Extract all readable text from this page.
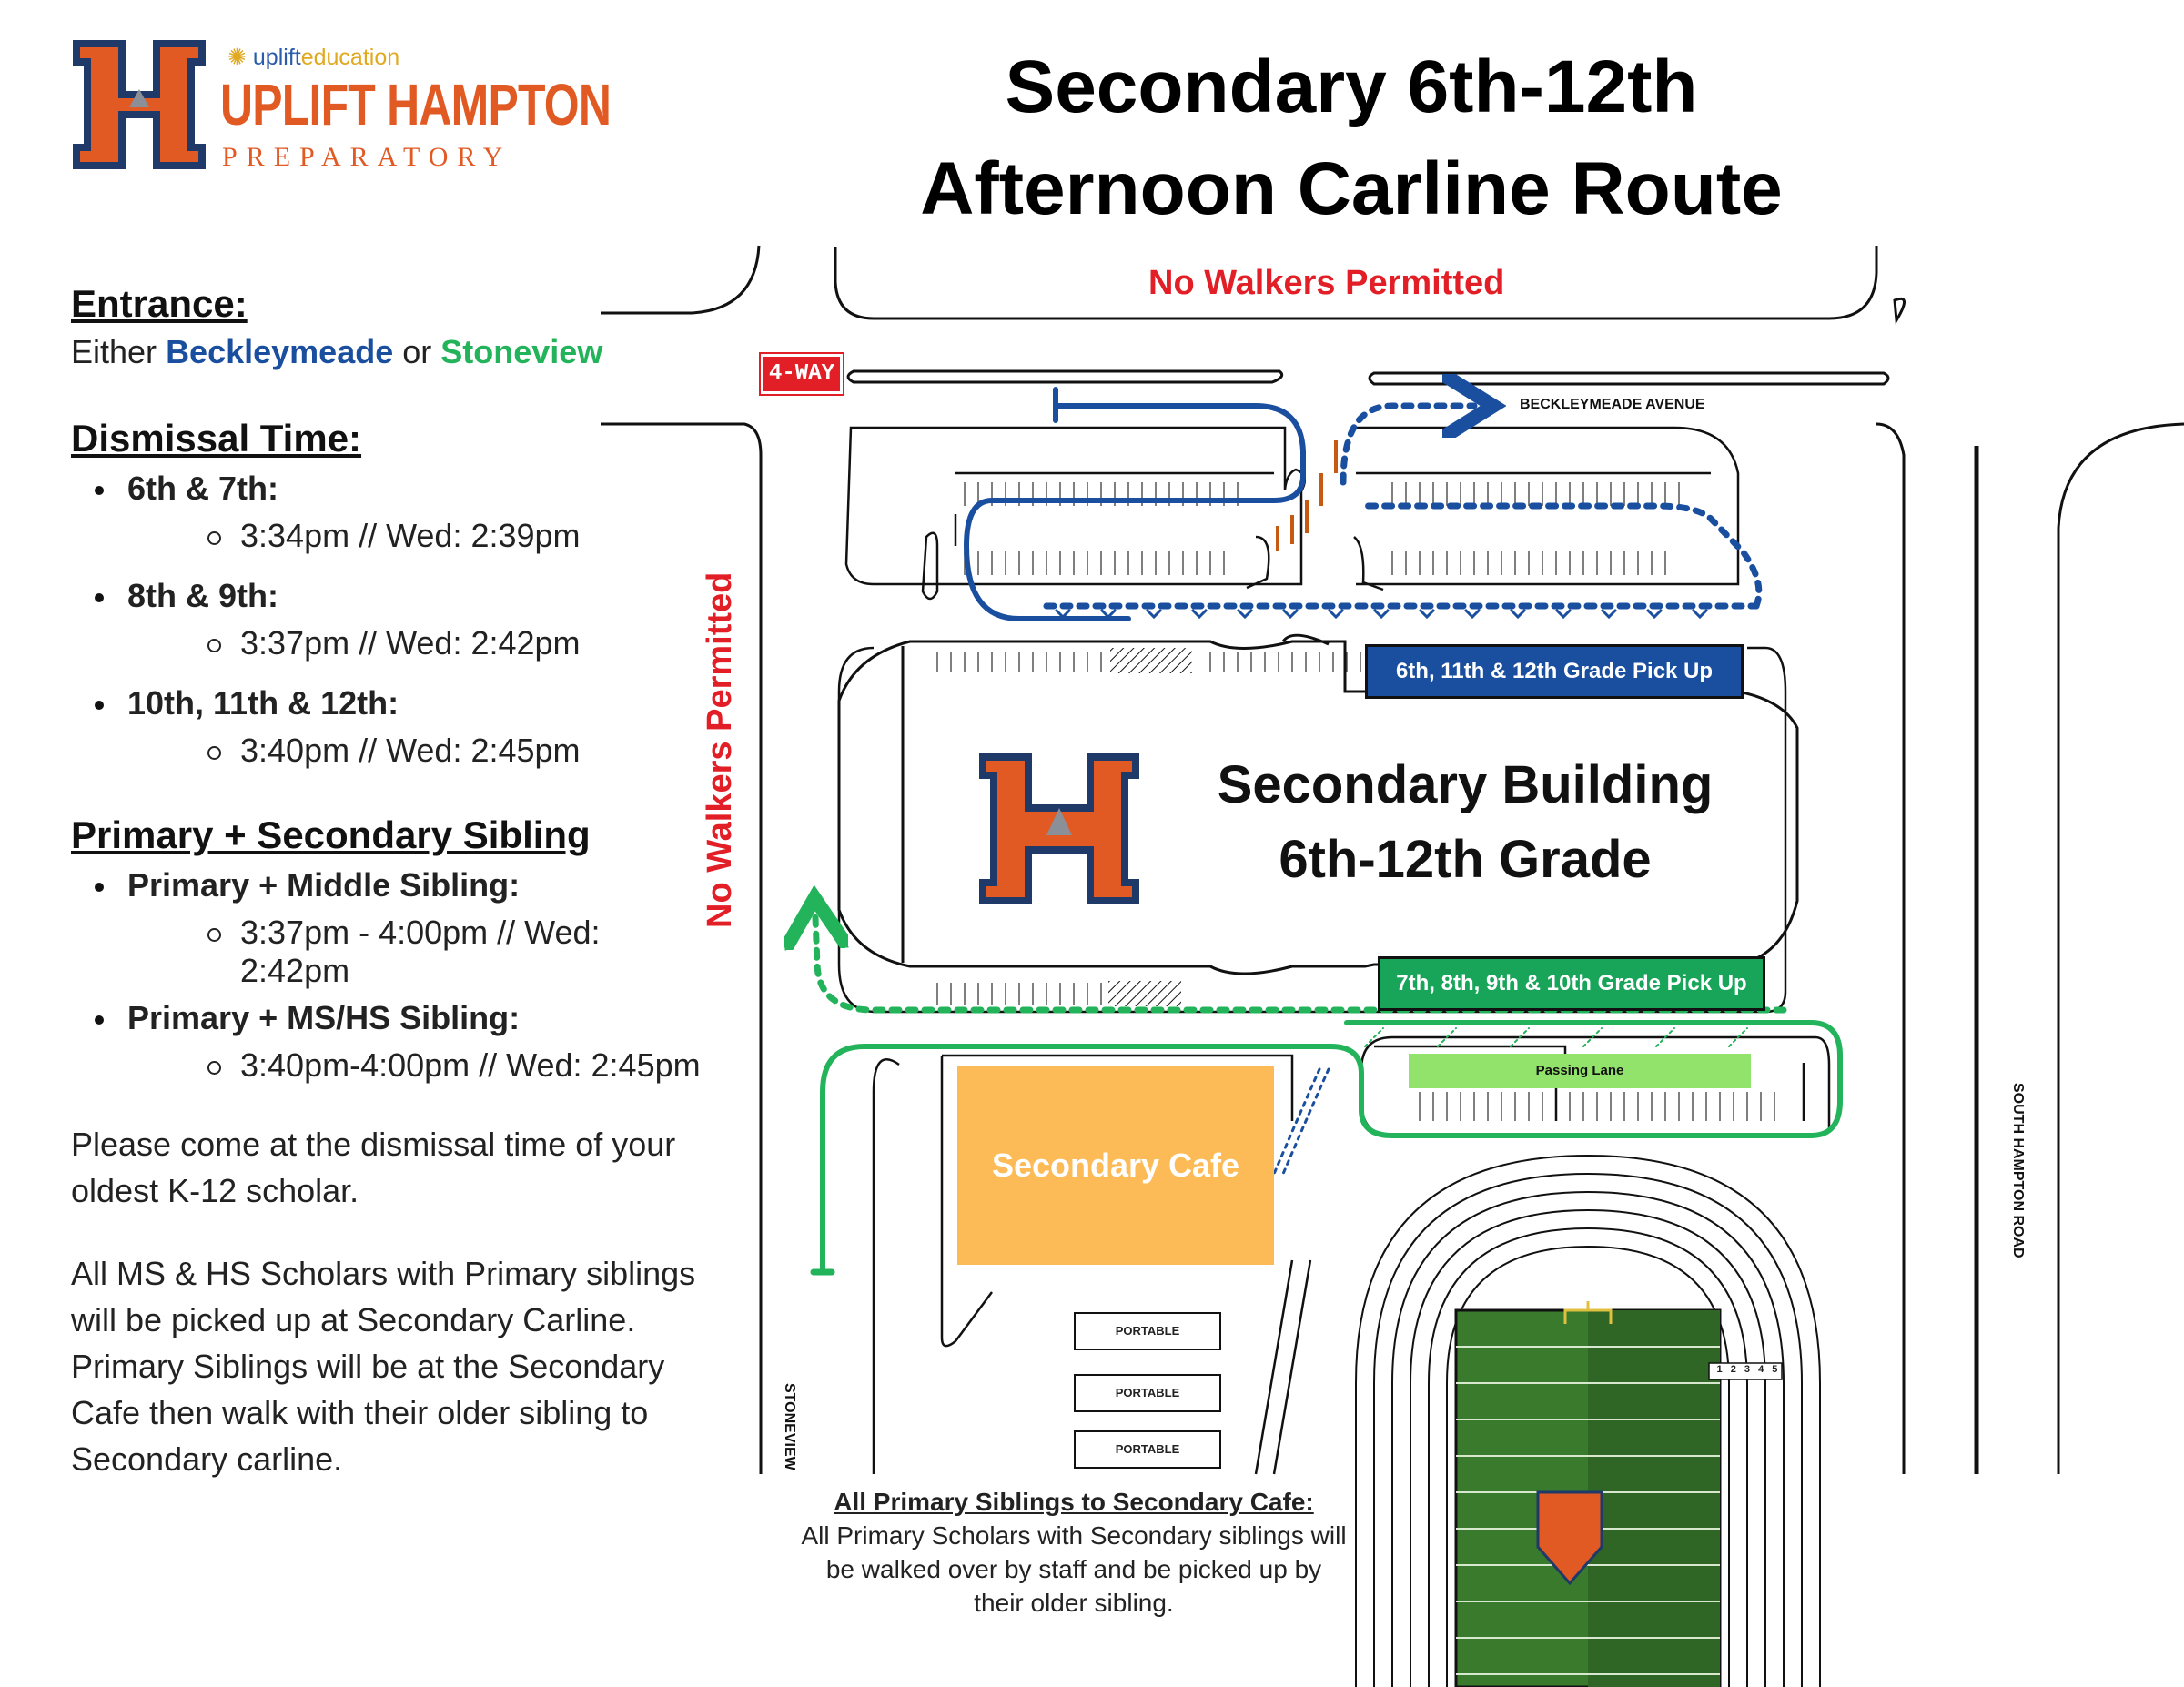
✺ uplifteducation
UPLIFT HAMPTON
PREPARATORY
Secondary 6th-12th
Afternoon Carline Route

Entrance:

Either Beckleymeade or Stoneview

Dismissal Time:

6th & 7th:
3:34pm // Wed: 2:39pm
8th & 9th:
3:37pm // Wed: 2:42pm
10th, 11th & 12th:
3:40pm // Wed: 2:45pm

Primary + Secondary Sibling

Primary + Middle Sibling:
3:37pm - 4:00pm // Wed: 2:42pm
Primary + MS/HS Sibling:
3:40pm-4:00pm // Wed: 2:45pm

Please come at the dismissal time of your oldest K-12 scholar.

All MS & HS Scholars with Primary siblings will be picked up at Secondary Carline. Primary Siblings will be at the Secondary Cafe then walk with their older sibling to Secondary carline.

No Walkers Permitted
No Walkers Permitted
4-WAY
BECKLEYMEADE AVENUE
SOUTH HAMPTON ROAD
STONEVIEW
6th, 11th & 12th Grade Pick Up
7th, 8th, 9th & 10th Grade Pick Up
Secondary Building
6th-12th Grade
Secondary Cafe
Passing Lane
PORTABLE
PORTABLE
PORTABLE
1 2 3 4 5
All Primary Siblings to Secondary Cafe:
All Primary Scholars with Secondary siblings will be walked over by staff and be picked up by their older sibling.
